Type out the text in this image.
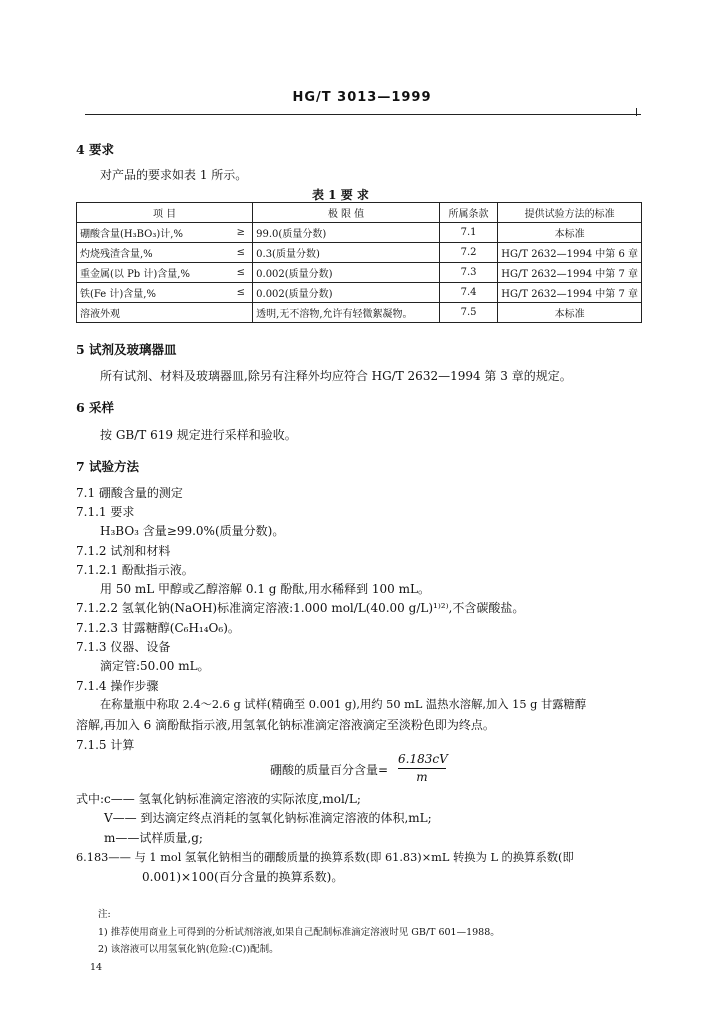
HG/T 3013—1999
4 要求
对产品的要求如表 1 所示。
表 1 要 求
项 目		极 限 值	所属条款	提供试验方法的标准
硼酸含量(H₃BO₃)计,%	≥	99.0(质量分数)	7.1	本标准
灼烧残渣含量,%	≤	0.3(质量分数)	7.2	HG/T 2632—1994 中第 6 章
重金属(以 Pb 计)含量,%	≤	0.002(质量分数)	7.3	HG/T 2632—1994 中第 7 章
铁(Fe 计)含量,%	≤	0.002(质量分数)	7.4	HG/T 2632—1994 中第 7 章
溶液外观		透明,无不溶物,允许有轻微絮凝物。	7.5	本标准
5 试剂及玻璃器皿
所有试剂、材料及玻璃器皿,除另有注释外均应符合 HG/T 2632—1994 第 3 章的规定。
6 采样
按 GB/T 619 规定进行采样和验收。
7 试验方法
7.1 硼酸含量的测定
7.1.1 要求
H₃BO₃ 含量≥99.0%(质量分数)。
7.1.2 试剂和材料
7.1.2.1 酚酞指示液。
用 50 mL 甲醇或乙醇溶解 0.1 g 酚酞,用水稀释到 100 mL。
7.1.2.2 氢氧化钠(NaOH)标准滴定溶液:1.000 mol/L(40.00 g/L)¹⁾²⁾,不含碳酸盐。
7.1.2.3 甘露糖醇(C₆H₁₄O₆)。
7.1.3 仪器、设备
滴定管:50.00 mL。
7.1.4 操作步骤
在称量瓶中称取 2.4～2.6 g 试样(精确至 0.001 g),用约 50 mL 温热水溶解,加入 15 g 甘露糖醇
溶解,再加入 6 滴酚酞指示液,用氢氧化钠标准滴定溶液滴定至淡粉色即为终点。
7.1.5 计算
硼酸的质量百分含量=
6.183cV
m
式中:c—— 氢氧化钠标准滴定溶液的实际浓度,mol/L;
V—— 到达滴定终点消耗的氢氧化钠标准滴定溶液的体积,mL;
m——试样质量,g;
6.183—— 与 1 mol 氢氧化钠相当的硼酸质量的换算系数(即 61.83)×mL 转换为 L 的换算系数(即
0.001)×100(百分含量的换算系数)。
注:
1) 推荐使用商业上可得到的分析试剂溶液,如果自己配制标准滴定溶液时见 GB/T 601—1988。
2) 该溶液可以用氢氧化钠(危险:(C))配制。
14
